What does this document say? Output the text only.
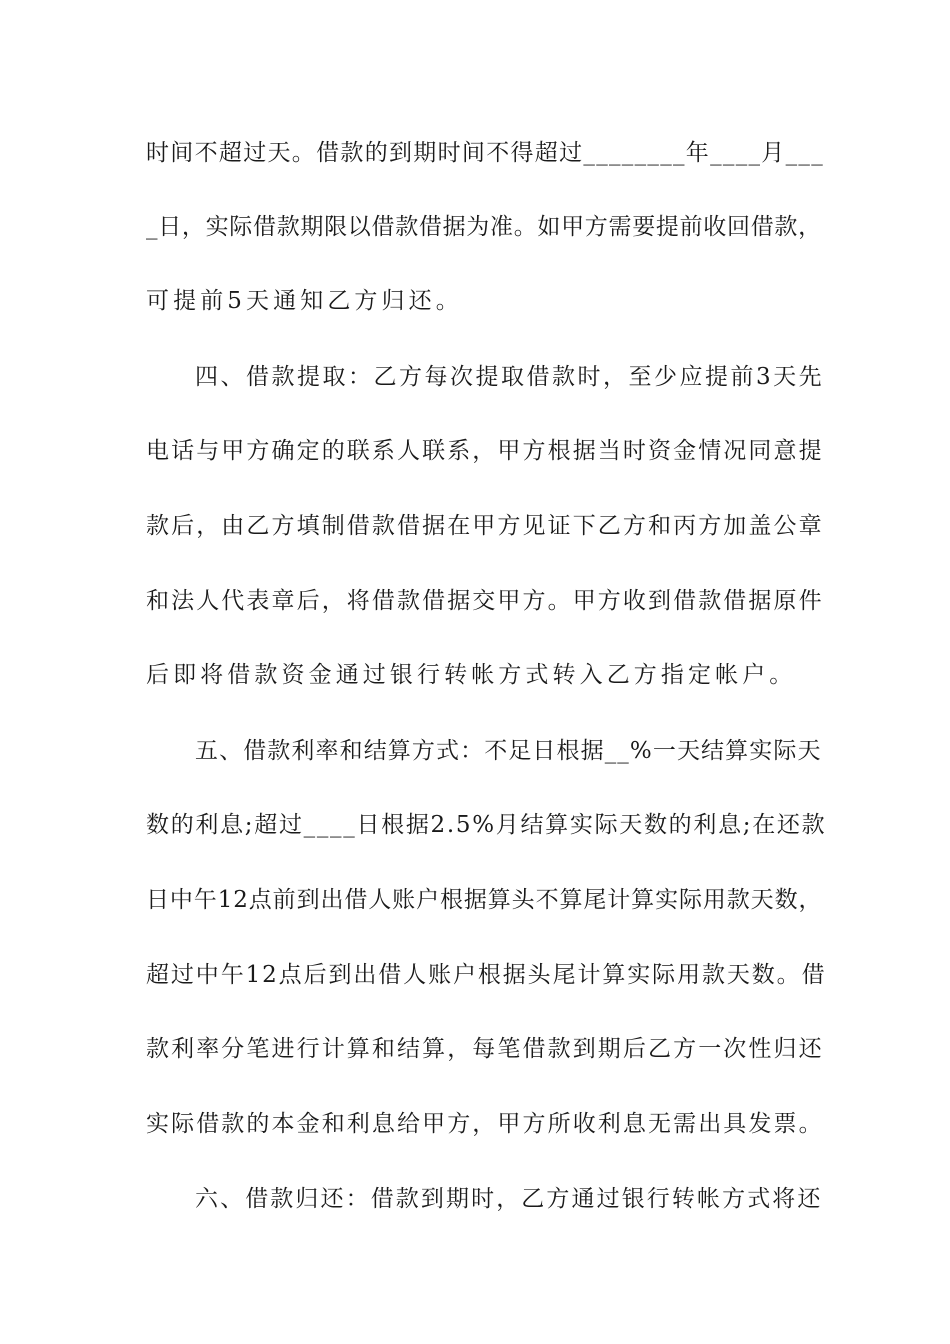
时间不超过天。借款的到期时间不得超过________年____月___
_日，实际借款期限以借款借据为准。如甲方需要提前收回借款，
可提前5天通知乙方归还。
四、借款提取：乙方每次提取借款时，至少应提前3天先
电话与甲方确定的联系人联系，甲方根据当时资金情况同意提
款后，由乙方填制借款借据在甲方见证下乙方和丙方加盖公章
和法人代表章后，将借款借据交甲方。甲方收到借款借据原件
后即将借款资金通过银行转帐方式转入乙方指定帐户。
五、借款利率和结算方式：不足日根据__%一天结算实际天
数的利息;超过____日根据2.5%月结算实际天数的利息;在还款
日中午12点前到出借人账户根据算头不算尾计算实际用款天数，
超过中午12点后到出借人账户根据头尾计算实际用款天数。借
款利率分笔进行计算和结算，每笔借款到期后乙方一次性归还
实际借款的本金和利息给甲方，甲方所收利息无需出具发票。
六、借款归还：借款到期时，乙方通过银行转帐方式将还
